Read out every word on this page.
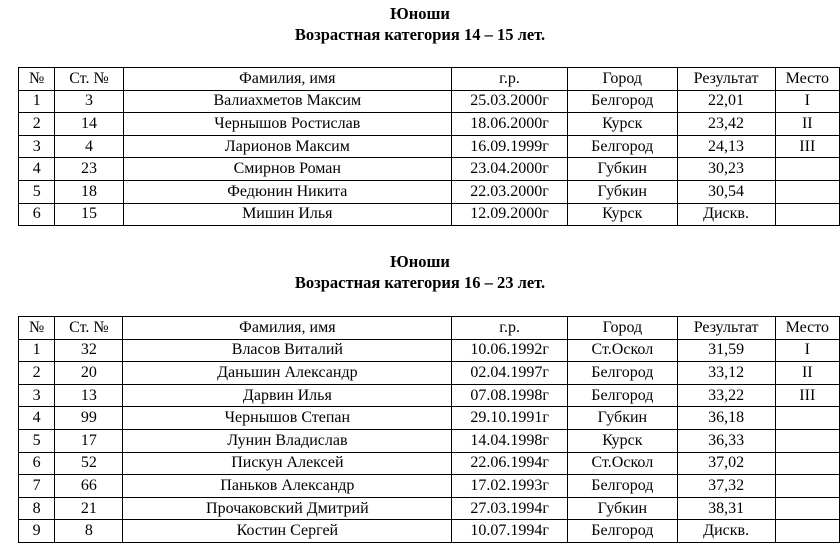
Юноши
Возрастная категория 14 – 15 лет.
№	Ст. №	Фамилия, имя	г.р.	Город	Результат	Место
1	3	Валиахметов Максим	25.03.2000г	Белгород	22,01	I
2	14	Чернышов Ростислав	18.06.2000г	Курск	23,42	II
3	4	Ларионов Максим	16.09.1999г	Белгород	24,13	III
4	23	Смирнов Роман	23.04.2000г	Губкин	30,23	
5	18	Федюнин Никита	22.03.2000г	Губкин	30,54	
6	15	Мишин Илья	12.09.2000г	Курск	Дискв.	
Юноши
Возрастная категория 16 – 23 лет.
№	Ст. №	Фамилия, имя	г.р.	Город	Результат	Место
1	32	Власов Виталий	10.06.1992г	Ст.Оскол	31,59	I
2	20	Даньшин Александр	02.04.1997г	Белгород	33,12	II
3	13	Дарвин Илья	07.08.1998г	Белгород	33,22	III
4	99	Чернышов Степан	29.10.1991г	Губкин	36,18	
5	17	Лунин Владислав	14.04.1998г	Курск	36,33	
6	52	Пискун Алексей	22.06.1994г	Ст.Оскол	37,02	
7	66	Паньков Александр	17.02.1993г	Белгород	37,32	
8	21	Прочаковский Дмитрий	27.03.1994г	Губкин	38,31	
9	8	Костин Сергей	10.07.1994г	Белгород	Дискв.	
